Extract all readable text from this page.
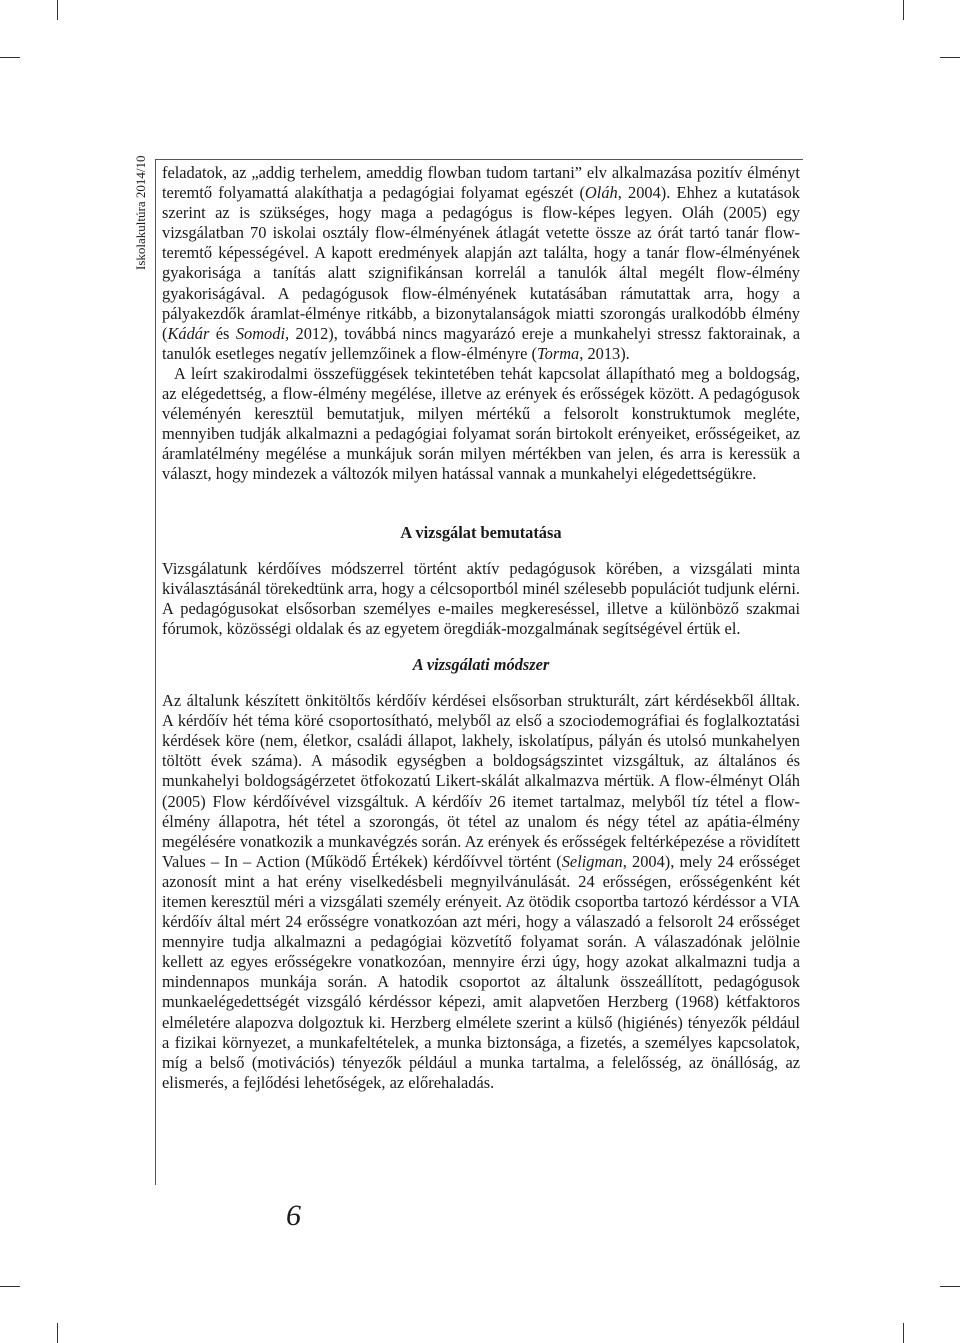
Iskolakultúra 2014/10 feladatok, az „addig terhelem, ameddig flowban tudom tartani” elv alkalmazása pozitív élményt teremtő folyamattá alakíthatja a pedagógiai folyamat egészét (Oláh, 2004). Ehhez a kutatások szerint az is szükséges, hogy maga a pedagógus is flow-képes legyen. Oláh (2005) egy vizsgálatban 70 iskolai osztály flow-élményének átlagát vetette össze az órát tartó tanár flow-teremtő képességével. A kapott eredmények alapján azt találta, hogy a tanár flow-élményének gyakorisága a tanítás alatt szignifikánsan korrelál a tanulók által megélt flow-élmény gyakoriságával. A pedagógusok flow-élményének kutatásában rámutattak arra, hogy a pályakezdők áramlat-élménye ritkább, a bizonytalanságok miatti szorongás uralkodóbb élmény (Kádár és Somodi, 2012), továbbá nincs magyarázó ereje a munkahelyi stressz faktorainak, a tanulók esetleges negatív jellemzőinek a flow-élményre (Torma, 2013).

A leírt szakirodalmi összefüggések tekintetében tehát kapcsolat állapítható meg a boldogság, az elégedettség, a flow-élmény megélése, illetve az erények és erősségek között. A pedagógusok véleményén keresztül bemutatjuk, milyen mértékű a felsorolt konstruktumok megléte, mennyiben tudják alkalmazni a pedagógiai folyamat során birtokolt erényeiket, erősségeiket, az áramlatélmény megélése a munkájuk során milyen mértékben van jelen, és arra is keressük a választ, hogy mindezek a változók milyen hatással vannak a munkahelyi elégedettségükre.

A vizsgálat bemutatása

Vizsgálatunk kérdőíves módszerrel történt aktív pedagógusok körében, a vizsgálati minta kiválasztásánál törekedtünk arra, hogy a célcsoportból minél szélesebb populációt tudjunk elérni. A pedagógusokat elsősorban személyes e-mailes megkereséssel, illetve a különböző szakmai fórumok, közösségi oldalak és az egyetem öregdiák-mozgalmának segítségével értük el.

A vizsgálati módszer

Az általunk készített önkitöltős kérdőív kérdései elsősorban strukturált, zárt kérdésekből álltak. A kérdőív hét téma köré csoportosítható, melyből az első a szociodemográfiai és foglalkoztatási kérdések köre (nem, életkor, családi állapot, lakhely, iskolatípus, pályán és utolsó munkahelyen töltött évek száma). A második egységben a boldogságszintet vizsgáltuk, az általános és munkahelyi boldogságérzetet ötfokozatú Likert-skálát alkalmazva mértük. A flow-élményt Oláh (2005) Flow kérdőívével vizsgáltuk. A kérdőív 26 itemet tartalmaz, melyből tíz tétel a flow-élmény állapotra, hét tétel a szorongás, öt tétel az unalom és négy tétel az apátia-élmény megélésére vonatkozik a munkavégzés során. Az erények és erősségek feltérképezése a rövidített Values – In – Action (Működő Értékek) kérdőívvel történt (Seligman, 2004), mely 24 erősséget azonosít mint a hat erény viselkedésbeli megnyilvánulását. 24 erősségen, erősségenként két itemen keresztül méri a vizsgálati személy erényeit. Az ötödik csoportba tartozó kérdéssor a VIA kérdőív által mért 24 erősségre vonatkozóan azt méri, hogy a válaszadó a felsorolt 24 erősséget mennyire tudja alkalmazni a pedagógiai közvetítő folyamat során. A válaszadónak jelölnie kellett az egyes erősségekre vonatkozóan, mennyire érzi úgy, hogy azokat alkalmazni tudja a mindennapos munkája során. A hatodik csoportot az általunk összeállított, pedagógusok munkaelégedettségét vizsgáló kérdéssor képezi, amit alapvetően Herzberg (1968) kétfaktoros elméletére alapozva dolgoztuk ki. Herzberg elmélete szerint a külső (higiénés) tényezők például a fizikai környezet, a munkafeltételek, a munka biztonsága, a fizetés, a személyes kapcsolatok, míg a belső (motivációs) tényezők például a munka tartalma, a felelősség, az önállóság, az elismerés, a fejlődési lehetőségek, az előrehaladás.

6
